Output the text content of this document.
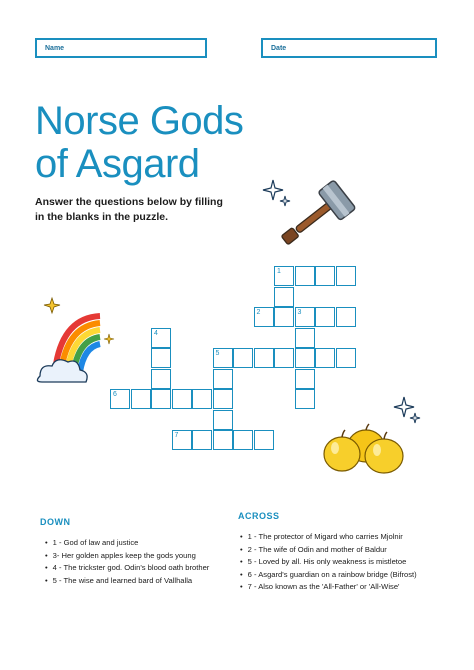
Name	Date
Norse Gods
of Asgard
Answer the questions below by filling in the blanks in the puzzle.
1
2	3
4
5
6
7
DOWN
• 1 - God of law and justice
• 3- Her golden apples keep the gods young
• 4 - The trickster god. Odin's blood oath brother
• 5 - The wise and learned bard of Vallhalla
ACROSS
• 1 - The protector of Migard who carries Mjolnir
• 2 - The wife of Odin and mother of Baldur
• 5 - Loved by all. His only weakness is mistletoe
• 6 - Asgard's guardian on a rainbow bridge (Bifrost)
• 7 - Also known as the 'All-Father' or 'All-Wise'
